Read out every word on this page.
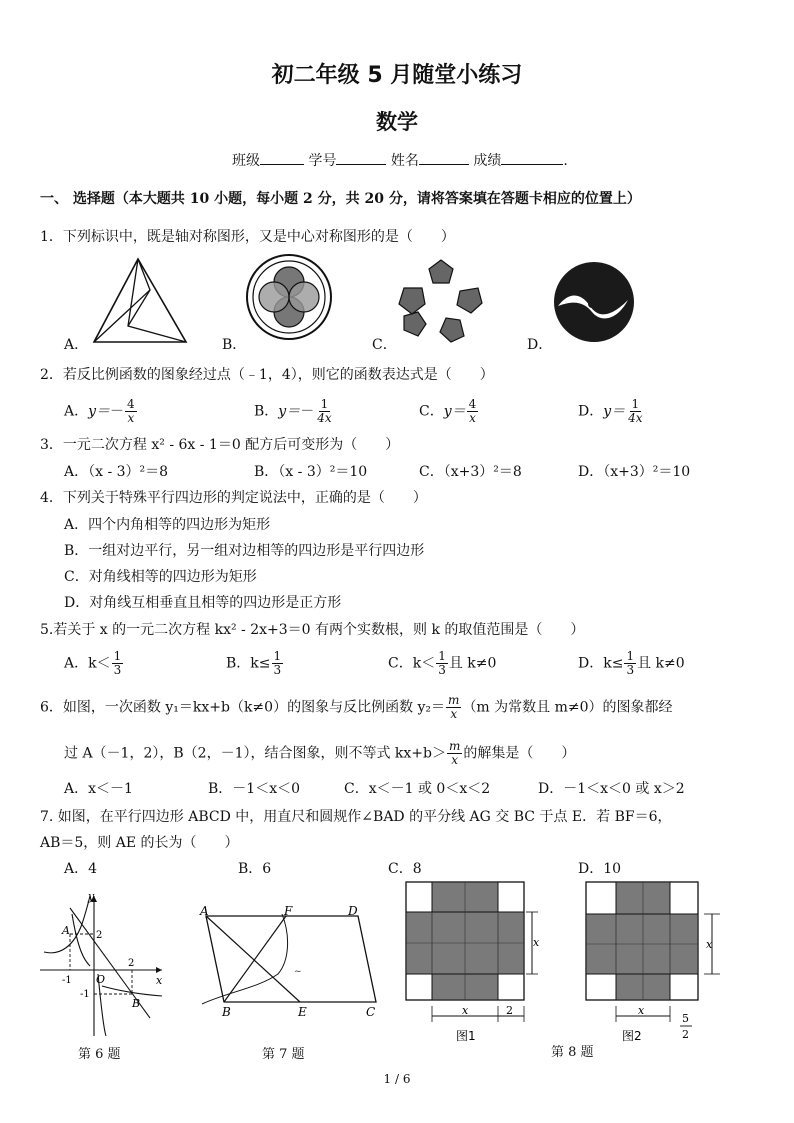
初二年级 5 月随堂小练习
数学
班级	学号	姓名	成绩	.
一、 选择题（本大题共 10 小题，每小题 2 分，共 20 分，请将答案填在答题卡相应的位置上）
1．下列标识中，既是轴对称图形，又是中心对称图形的是（　　）
A．	B．	C．	D．
2．若反比例函数的图象经过点（﹣1，4），则它的函数表达式是（　　）
A．$y=- \frac{4}{x}$	B．$y=- \frac{1}{4x}$	C．$y= \frac{4}{x}$	D．$y= \frac{1}{4x}$
3．一元二次方程 x² - 6x - 1＝0 配方后可变形为（　　）
A．（x - 3）²＝8	B．（x - 3）²＝10	C．（x+3）²＝8	D．（x+3）²＝10
4．下列关于特殊平行四边形的判定说法中，正确的是（　　）
A．四个内角相等的四边形为矩形
B．一组对边平行，另一组对边相等的四边形是平行四边形
C．对角线相等的四边形为矩形
D．对角线互相垂直且相等的四边形是正方形
5.若关于 x 的一元二次方程 kx² - 2x+3＝0 有两个实数根，则 k 的取值范围是（　　）
A．$k< \frac{1}{3}$	B．$k\le \frac{1}{3}$	C．$k< \frac{1}{3}$ 且 k≠0	D．$k\le \frac{1}{3}$ 且 k≠0
6．如图，一次函数 y₁＝kx+b（k≠0）的图象与反比例函数 $y_2= \frac{m}{x} (m$ 为常数且 m≠0）的图象都经
过 A（－1，2），B（2，－1），结合图象，则不等式 $kx+b> \frac{m}{x}$ 的解集是（　　）
A．x＜－1	B．－1＜x＜0	C．x＜－1 或 0＜x＜2	D．－1＜x＜0 或 x＞2
7. 如图，在平行四边形 ABCD 中，用直尺和圆规作∠BAD 的平分线 AG 交 BC 于点 E．若 BF＝6，
AB＝5，则 AE 的长为（　　）
A．4	B．6	C．8	D．10
y
x
O
A
B
2
2
-1
-1
第 6 题
~
A	D
F
B	E	C
第 7 题
x
x	2
图1
第 8 题
x
x
5
2
图2
1 / 6
